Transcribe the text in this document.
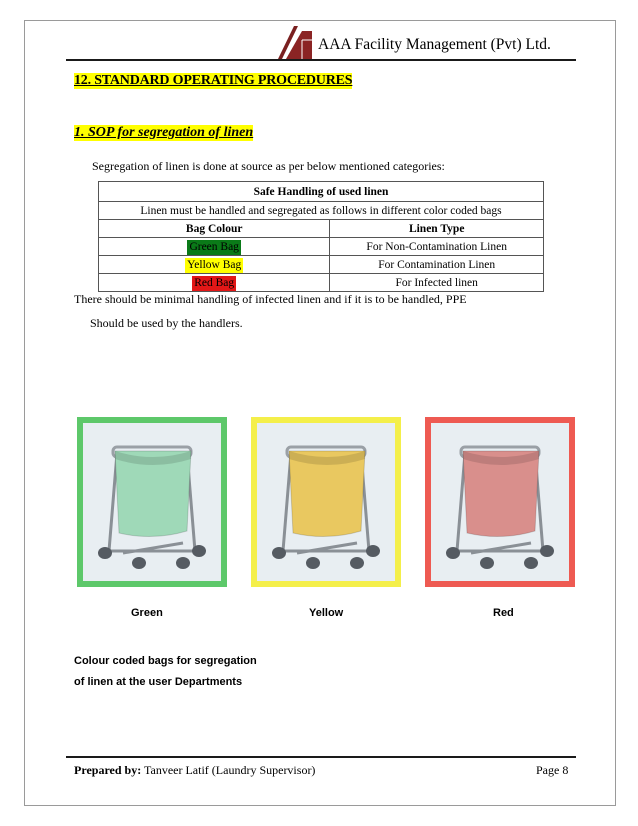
AAA Facility Management (Pvt) Ltd.
12. STANDARD OPERATING PROCEDURES
1. SOP for segregation of linen
Segregation of linen is done at source as per below mentioned categories:
Safe Handling of used linen	
Linen must be handled and segregated as follows in different color coded bags	
Bag Colour	Linen Type
Green Bag	For Non-Contamination Linen
Yellow Bag	For Contamination Linen
Red Bag	For Infected linen
There should be minimal handling of infected linen and if it is to be handled, PPE
Should be used by the handlers.
Green	Yellow	Red
Colour coded bags for segregation
of linen at the user Departments
Prepared by: Tanveer Latif (Laundry Supervisor)	Page 8
